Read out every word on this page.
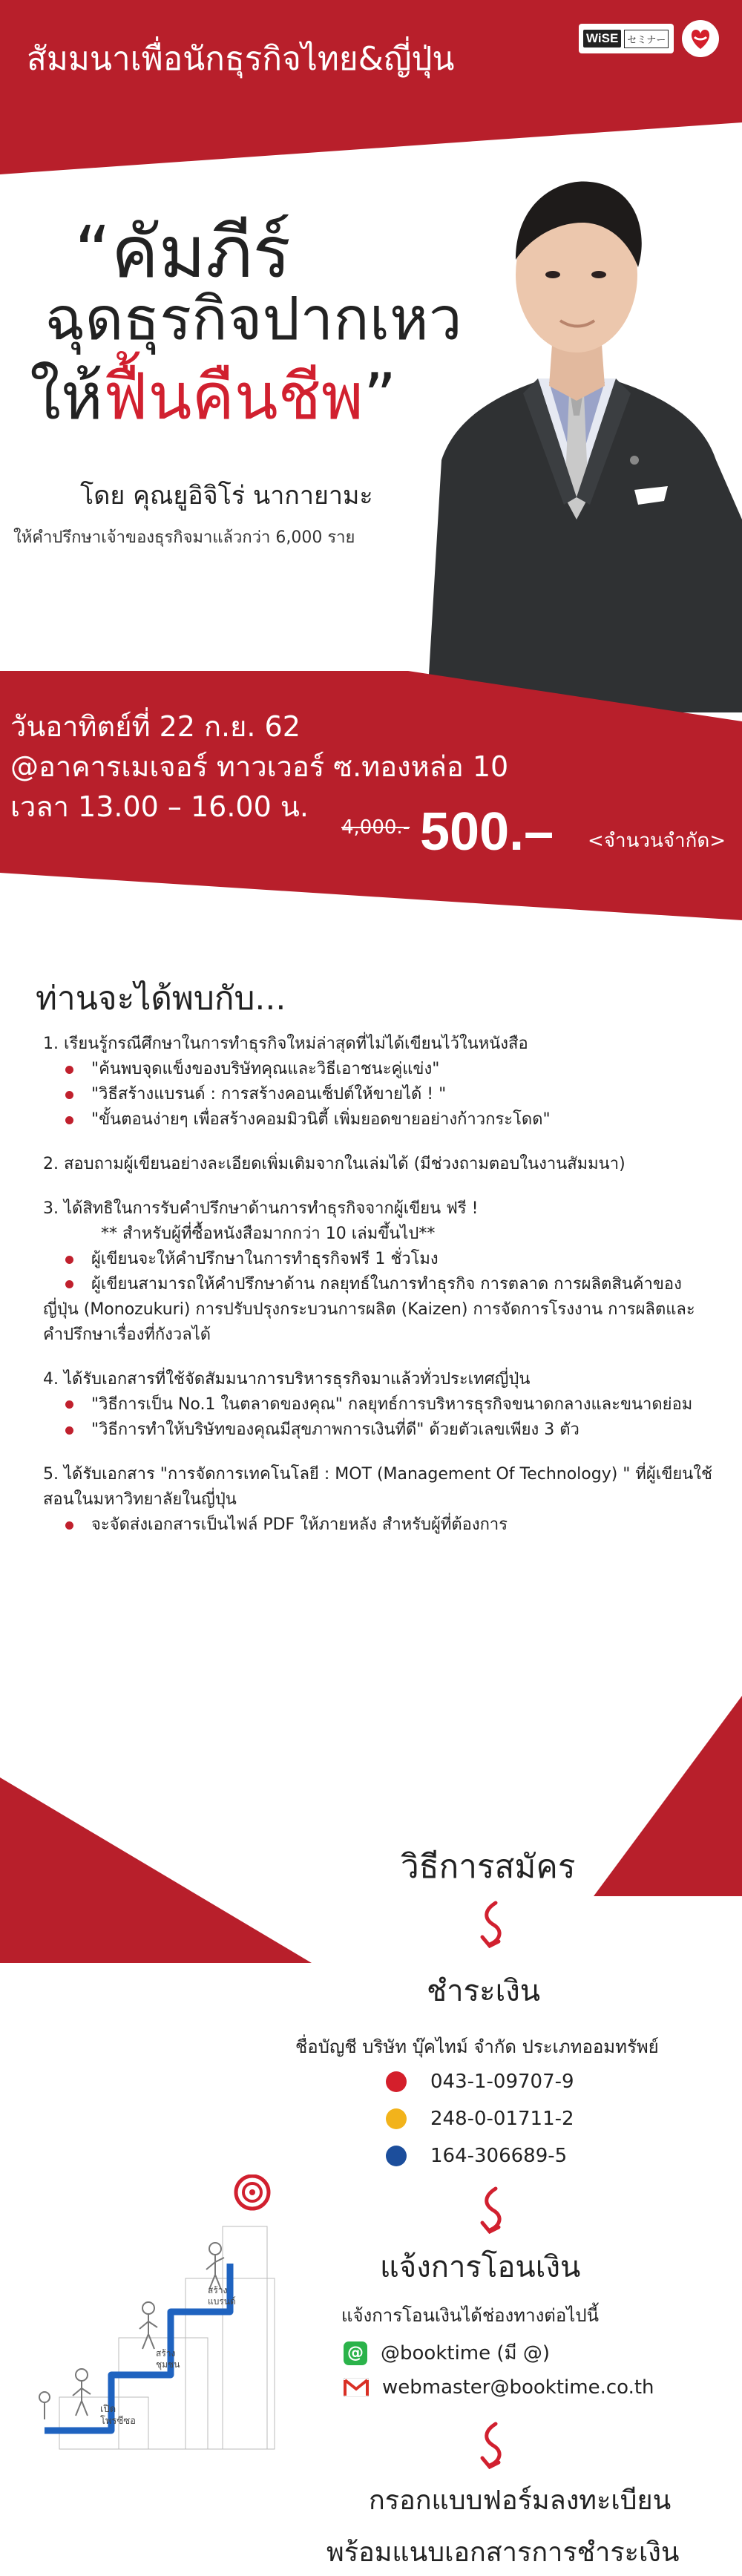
สัมมนาเพื่อนักธุรกิจไทย&ญี่ปุ่น
WiSE セミナー
“คัมภีร์
ฉุดธุรกิจปากเหว
ให้ฟื้นคืนชีพ”
โดย คุณยูอิจิโร่ นากายามะ
ให้คำปรึกษาเจ้าของธุรกิจมาแล้วกว่า 6,000 ราย
วันอาทิตย์ที่ 22 ก.ย. 62
@อาคารเมเจอร์ ทาวเวอร์ ซ.ทองหล่อ 10
เวลา 13.00 – 16.00 น.
4,000.- 500.– <จำนวนจำกัด>
ท่านจะได้พบกับ...
1. เรียนรู้กรณีศึกษาในการทำธุรกิจใหม่ล่าสุดที่ไม่ได้เขียนไว้ในหนังสือ
"ค้นพบจุดแข็งของบริษัทคุณและวิธีเอาชนะคู่แข่ง"
"วิธีสร้างแบรนด์ : การสร้างคอนเซ็ปต์ให้ขายได้ ! "
"ขั้นตอนง่ายๆ เพื่อสร้างคอมมิวนิตี้ เพิ่มยอดขายอย่างก้าวกระโดด"
2. สอบถามผู้เขียนอย่างละเอียดเพิ่มเติมจากในเล่มได้ (มีช่วงถามตอบในงานสัมมนา)
3. ได้สิทธิในการรับคำปรึกษาด้านการทำธุรกิจจากผู้เขียน ฟรี !
** สำหรับผู้ที่ซื้อหนังสือมากกว่า 10 เล่มขึ้นไป**
ผู้เขียนจะให้คำปรึกษาในการทำธุรกิจฟรี 1 ชั่วโมง
ผู้เขียนสามารถให้คำปรึกษาด้าน กลยุทธ์ในการทำธุรกิจ การตลาด การผลิตสินค้าของญี่ปุ่น (Monozukuri) การปรับปรุงกระบวนการผลิต (Kaizen) การจัดการโรงงาน การผลิตและคำปรึกษาเรื่องที่กังวลได้
4. ได้รับเอกสารที่ใช้จัดสัมมนาการบริหารธุรกิจมาแล้วทั่วประเทศญี่ปุ่น
"วิธีการเป็น No.1 ในตลาดของคุณ" กลยุทธ์การบริหารธุรกิจขนาดกลางและขนาดย่อม
"วิธีการทำให้บริษัทของคุณมีสุขภาพการเงินที่ดี" ด้วยตัวเลขเพียง 3 ตัว
5. ได้รับเอกสาร "การจัดการเทคโนโลยี : MOT (Management Of Technology) " ที่ผู้เขียนใช้สอนในมหาวิทยาลัยในญี่ปุ่น
จะจัดส่งเอกสารเป็นไฟล์ PDF ให้ภายหลัง สำหรับผู้ที่ต้องการ
วิธีการสมัคร
ชำระเงิน
ชื่อบัญชี บริษัท บุ๊คไทม์ จำกัด ประเภทออมทรัพย์
043-1-09707-9
248-0-01711-2
164-306689-5
แจ้งการโอนเงิน
แจ้งการโอนเงินได้ช่องทางต่อไปนี้
@ @booktime (มี @)
webmaster@booktime.co.th
กรอกแบบฟอร์มลงทะเบียน
พร้อมแนบเอกสารการชำระเงิน
เปิด
โพรซีซอ
สร้าง
ชุมชน
สร้าง
แบรนด์
